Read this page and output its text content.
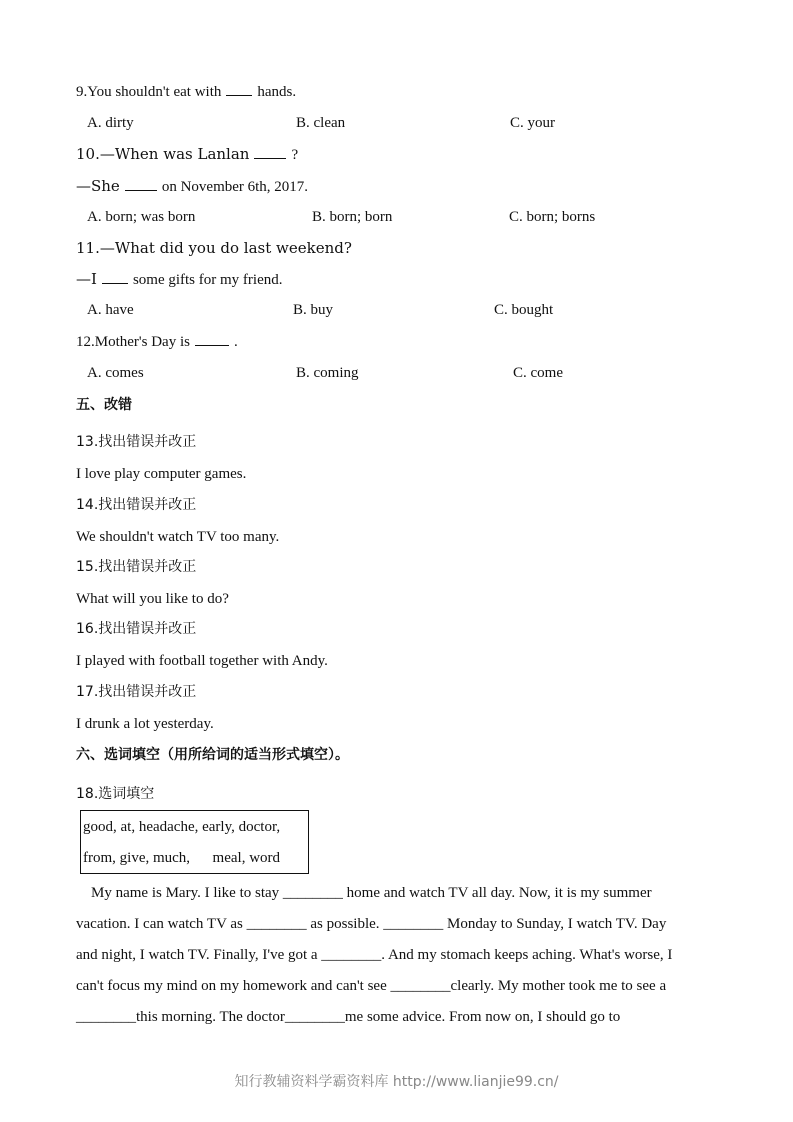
9.You shouldn't eat with hands.
A. dirty	B. clean	C. your
10.—When was Lanlan	?
—She	on November 6th, 2017.
A. born; was born	B. born; born	C. born; borns
11.—What did you do last weekend?
—I some gifts for my friend.
A. have	B. buy	C. bought
12.Mother's Day is	.
A. comes	B. coming	C. come
五、改错
13.找出错误并改正
I love play computer games.
14.找出错误并改正
We shouldn't watch TV too many.
15.找出错误并改正
What will you like to do?
16.找出错误并改正
I played with football together with Andy.
17.找出错误并改正
I drunk a lot yesterday.
六、选词填空（用所给词的适当形式填空）。
18.选词填空
good, at, headache, early, doctor,
from, give, much,      meal, word
My name is Mary. I like to stay ________ home and watch TV all day. Now, it is my summer
vacation. I can watch TV as ________ as possible. ________ Monday to Sunday, I watch TV. Day
and night, I watch TV. Finally, I've got a ________. And my stomach keeps aching. What's worse, I
can't focus my mind on my homework and can't see ________clearly. My mother took me to see a
________this morning. The doctor________me some advice. From now on, I should go to
知行教辅资料学霸资料库 http://www.lianjie99.cn/
